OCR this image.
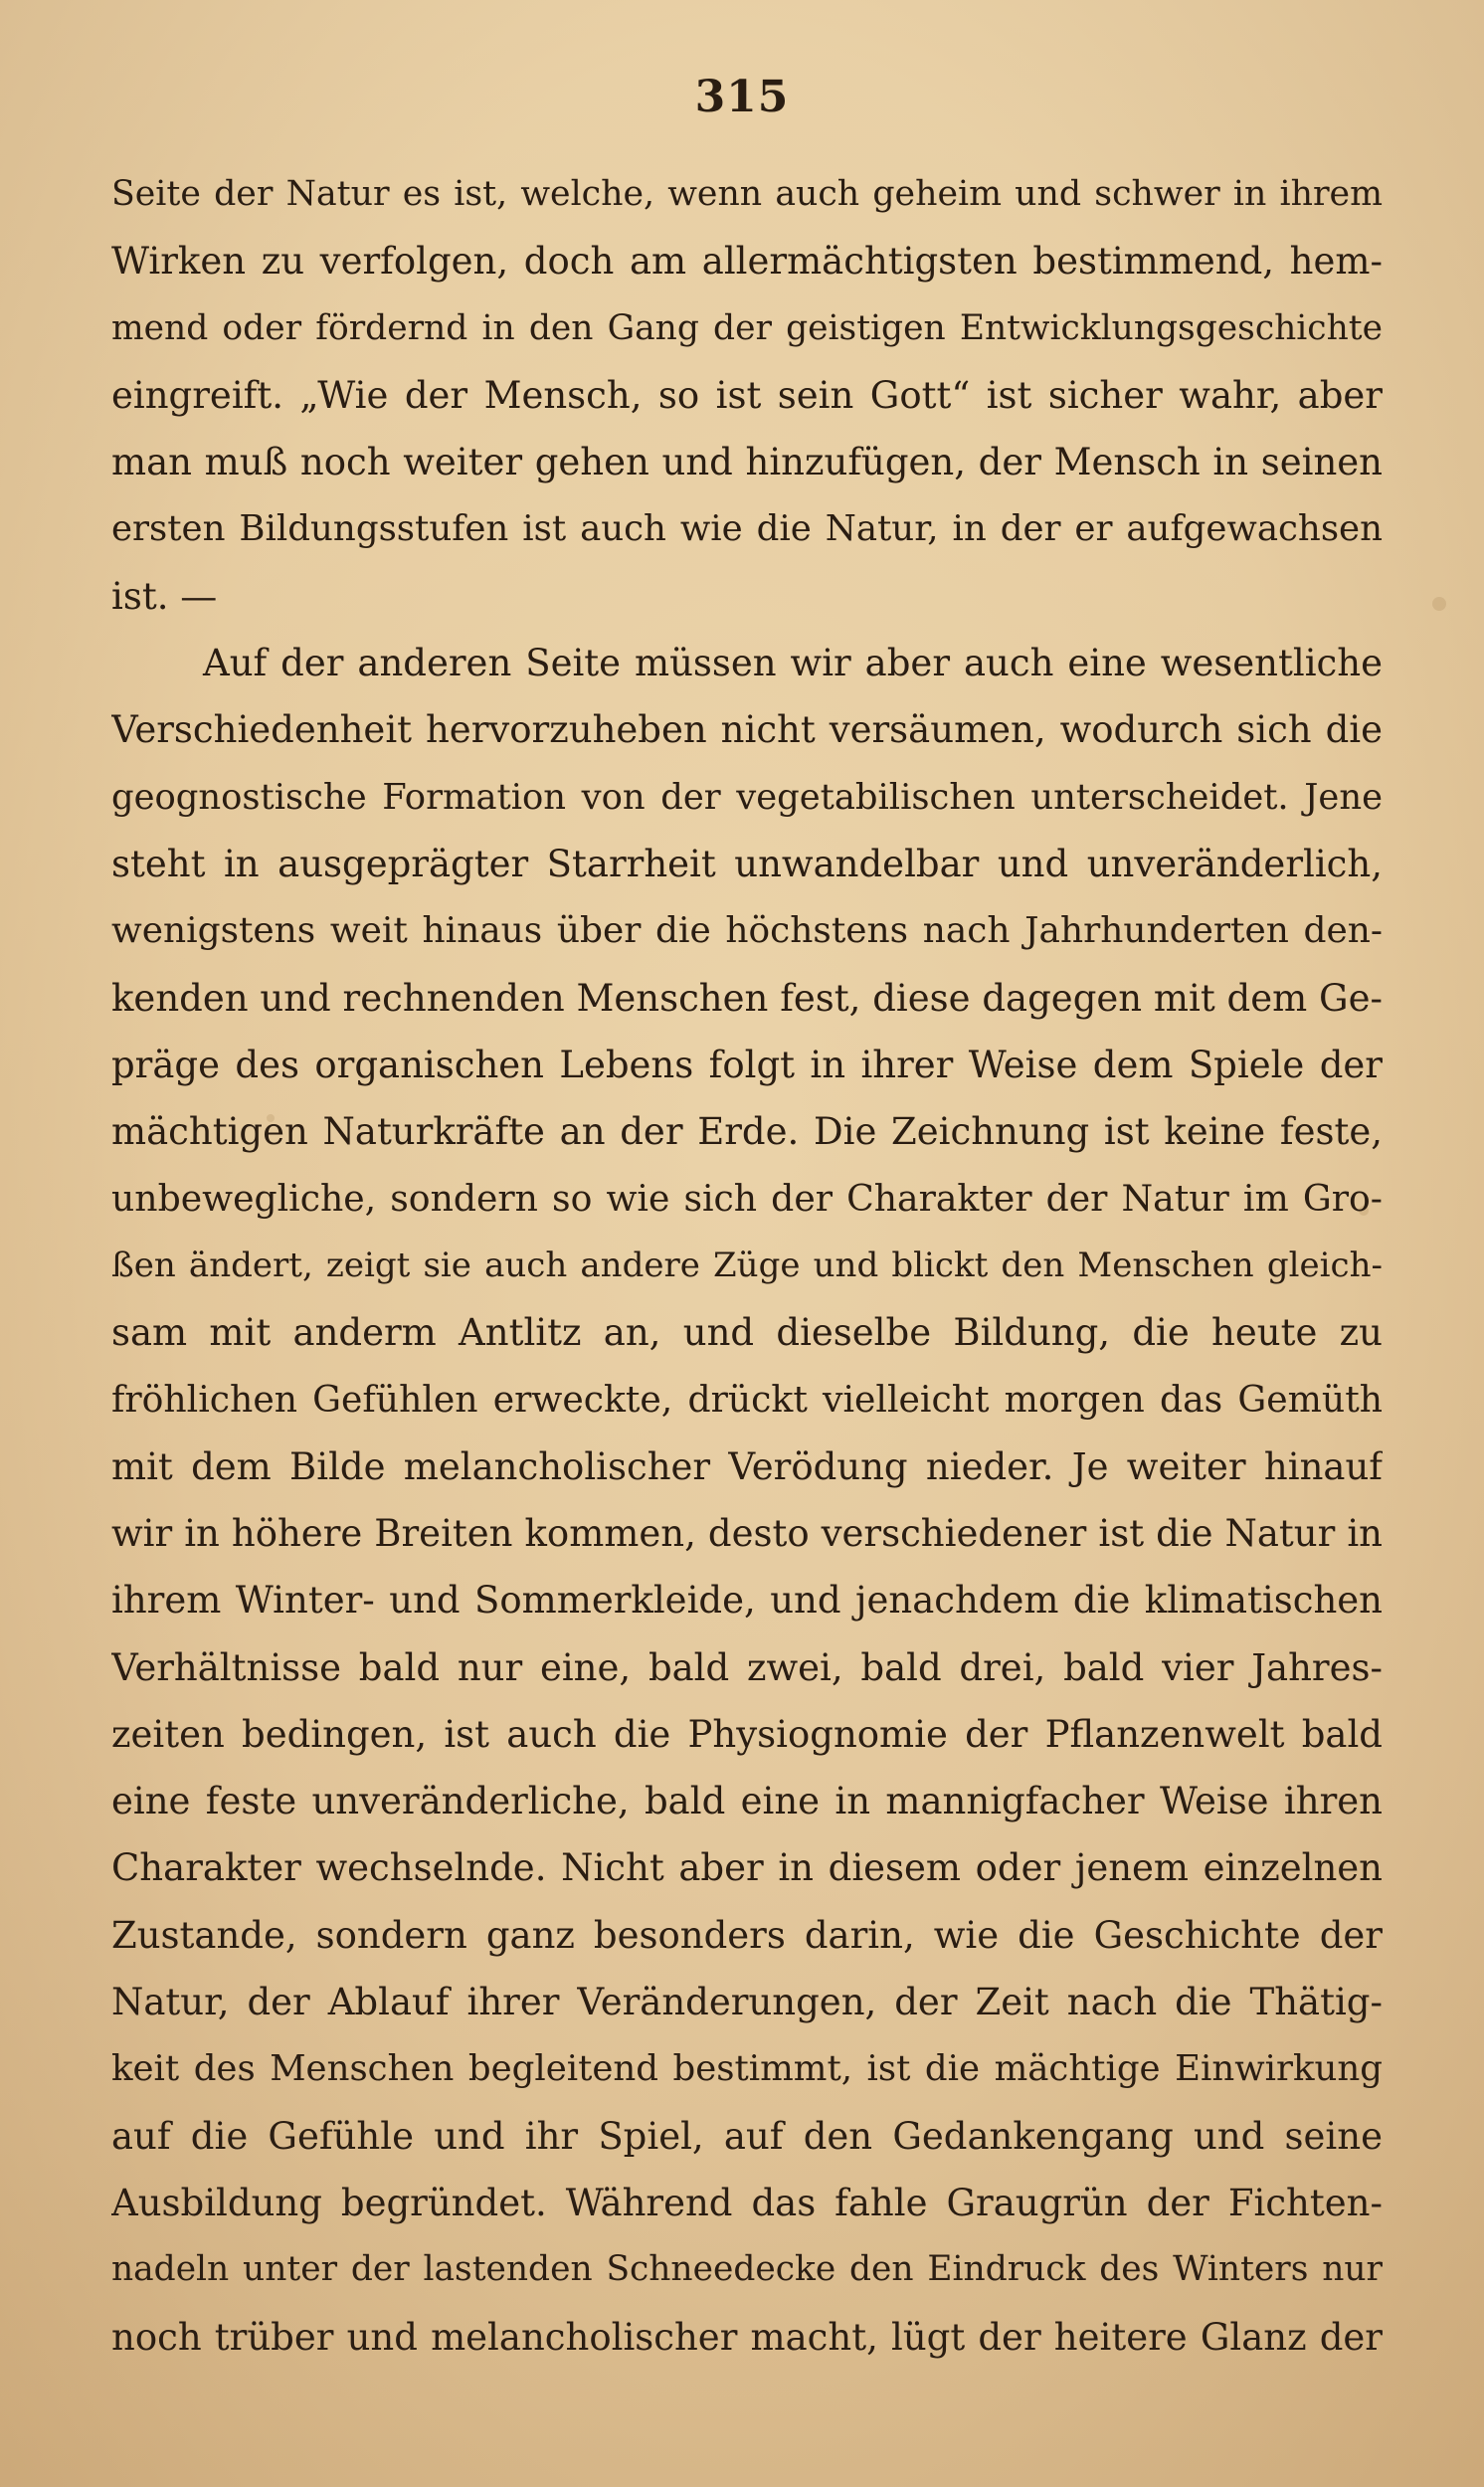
315
Seite der Natur es ist, welche, wenn auch geheim und schwer in ihrem
Wirken zu verfolgen, doch am allermächtigsten bestimmend, hem-
mend oder fördernd in den Gang der geistigen Entwicklungsgeschichte
eingreift. „Wie der Mensch, so ist sein Gott“ ist sicher wahr, aber
man muß noch weiter gehen und hinzufügen, der Mensch in seinen
ersten Bildungsstufen ist auch wie die Natur, in der er aufgewachsen
ist. —
Auf der anderen Seite müssen wir aber auch eine wesentliche
Verschiedenheit hervorzuheben nicht versäumen, wodurch sich die
geognostische Formation von der vegetabilischen unterscheidet. Jene
steht in ausgeprägter Starrheit unwandelbar und unveränderlich,
wenigstens weit hinaus über die höchstens nach Jahrhunderten den-
kenden und rechnenden Menschen fest, diese dagegen mit dem Ge-
präge des organischen Lebens folgt in ihrer Weise dem Spiele der
mächtigen Naturkräfte an der Erde. Die Zeichnung ist keine feste,
unbewegliche, sondern so wie sich der Charakter der Natur im Gro-
ßen ändert, zeigt sie auch andere Züge und blickt den Menschen gleich-
sam mit anderm Antlitz an, und dieselbe Bildung, die heute zu
fröhlichen Gefühlen erweckte, drückt vielleicht morgen das Gemüth
mit dem Bilde melancholischer Verödung nieder. Je weiter hinauf
wir in höhere Breiten kommen, desto verschiedener ist die Natur in
ihrem Winter- und Sommerkleide, und jenachdem die klimatischen
Verhältnisse bald nur eine, bald zwei, bald drei, bald vier Jahres-
zeiten bedingen, ist auch die Physiognomie der Pflanzenwelt bald
eine feste unveränderliche, bald eine in mannigfacher Weise ihren
Charakter wechselnde. Nicht aber in diesem oder jenem einzelnen
Zustande, sondern ganz besonders darin, wie die Geschichte der
Natur, der Ablauf ihrer Veränderungen, der Zeit nach die Thätig-
keit des Menschen begleitend bestimmt, ist die mächtige Einwirkung
auf die Gefühle und ihr Spiel, auf den Gedankengang und seine
Ausbildung begründet. Während das fahle Graugrün der Fichten-
nadeln unter der lastenden Schneedecke den Eindruck des Winters nur
noch trüber und melancholischer macht, lügt der heitere Glanz der
